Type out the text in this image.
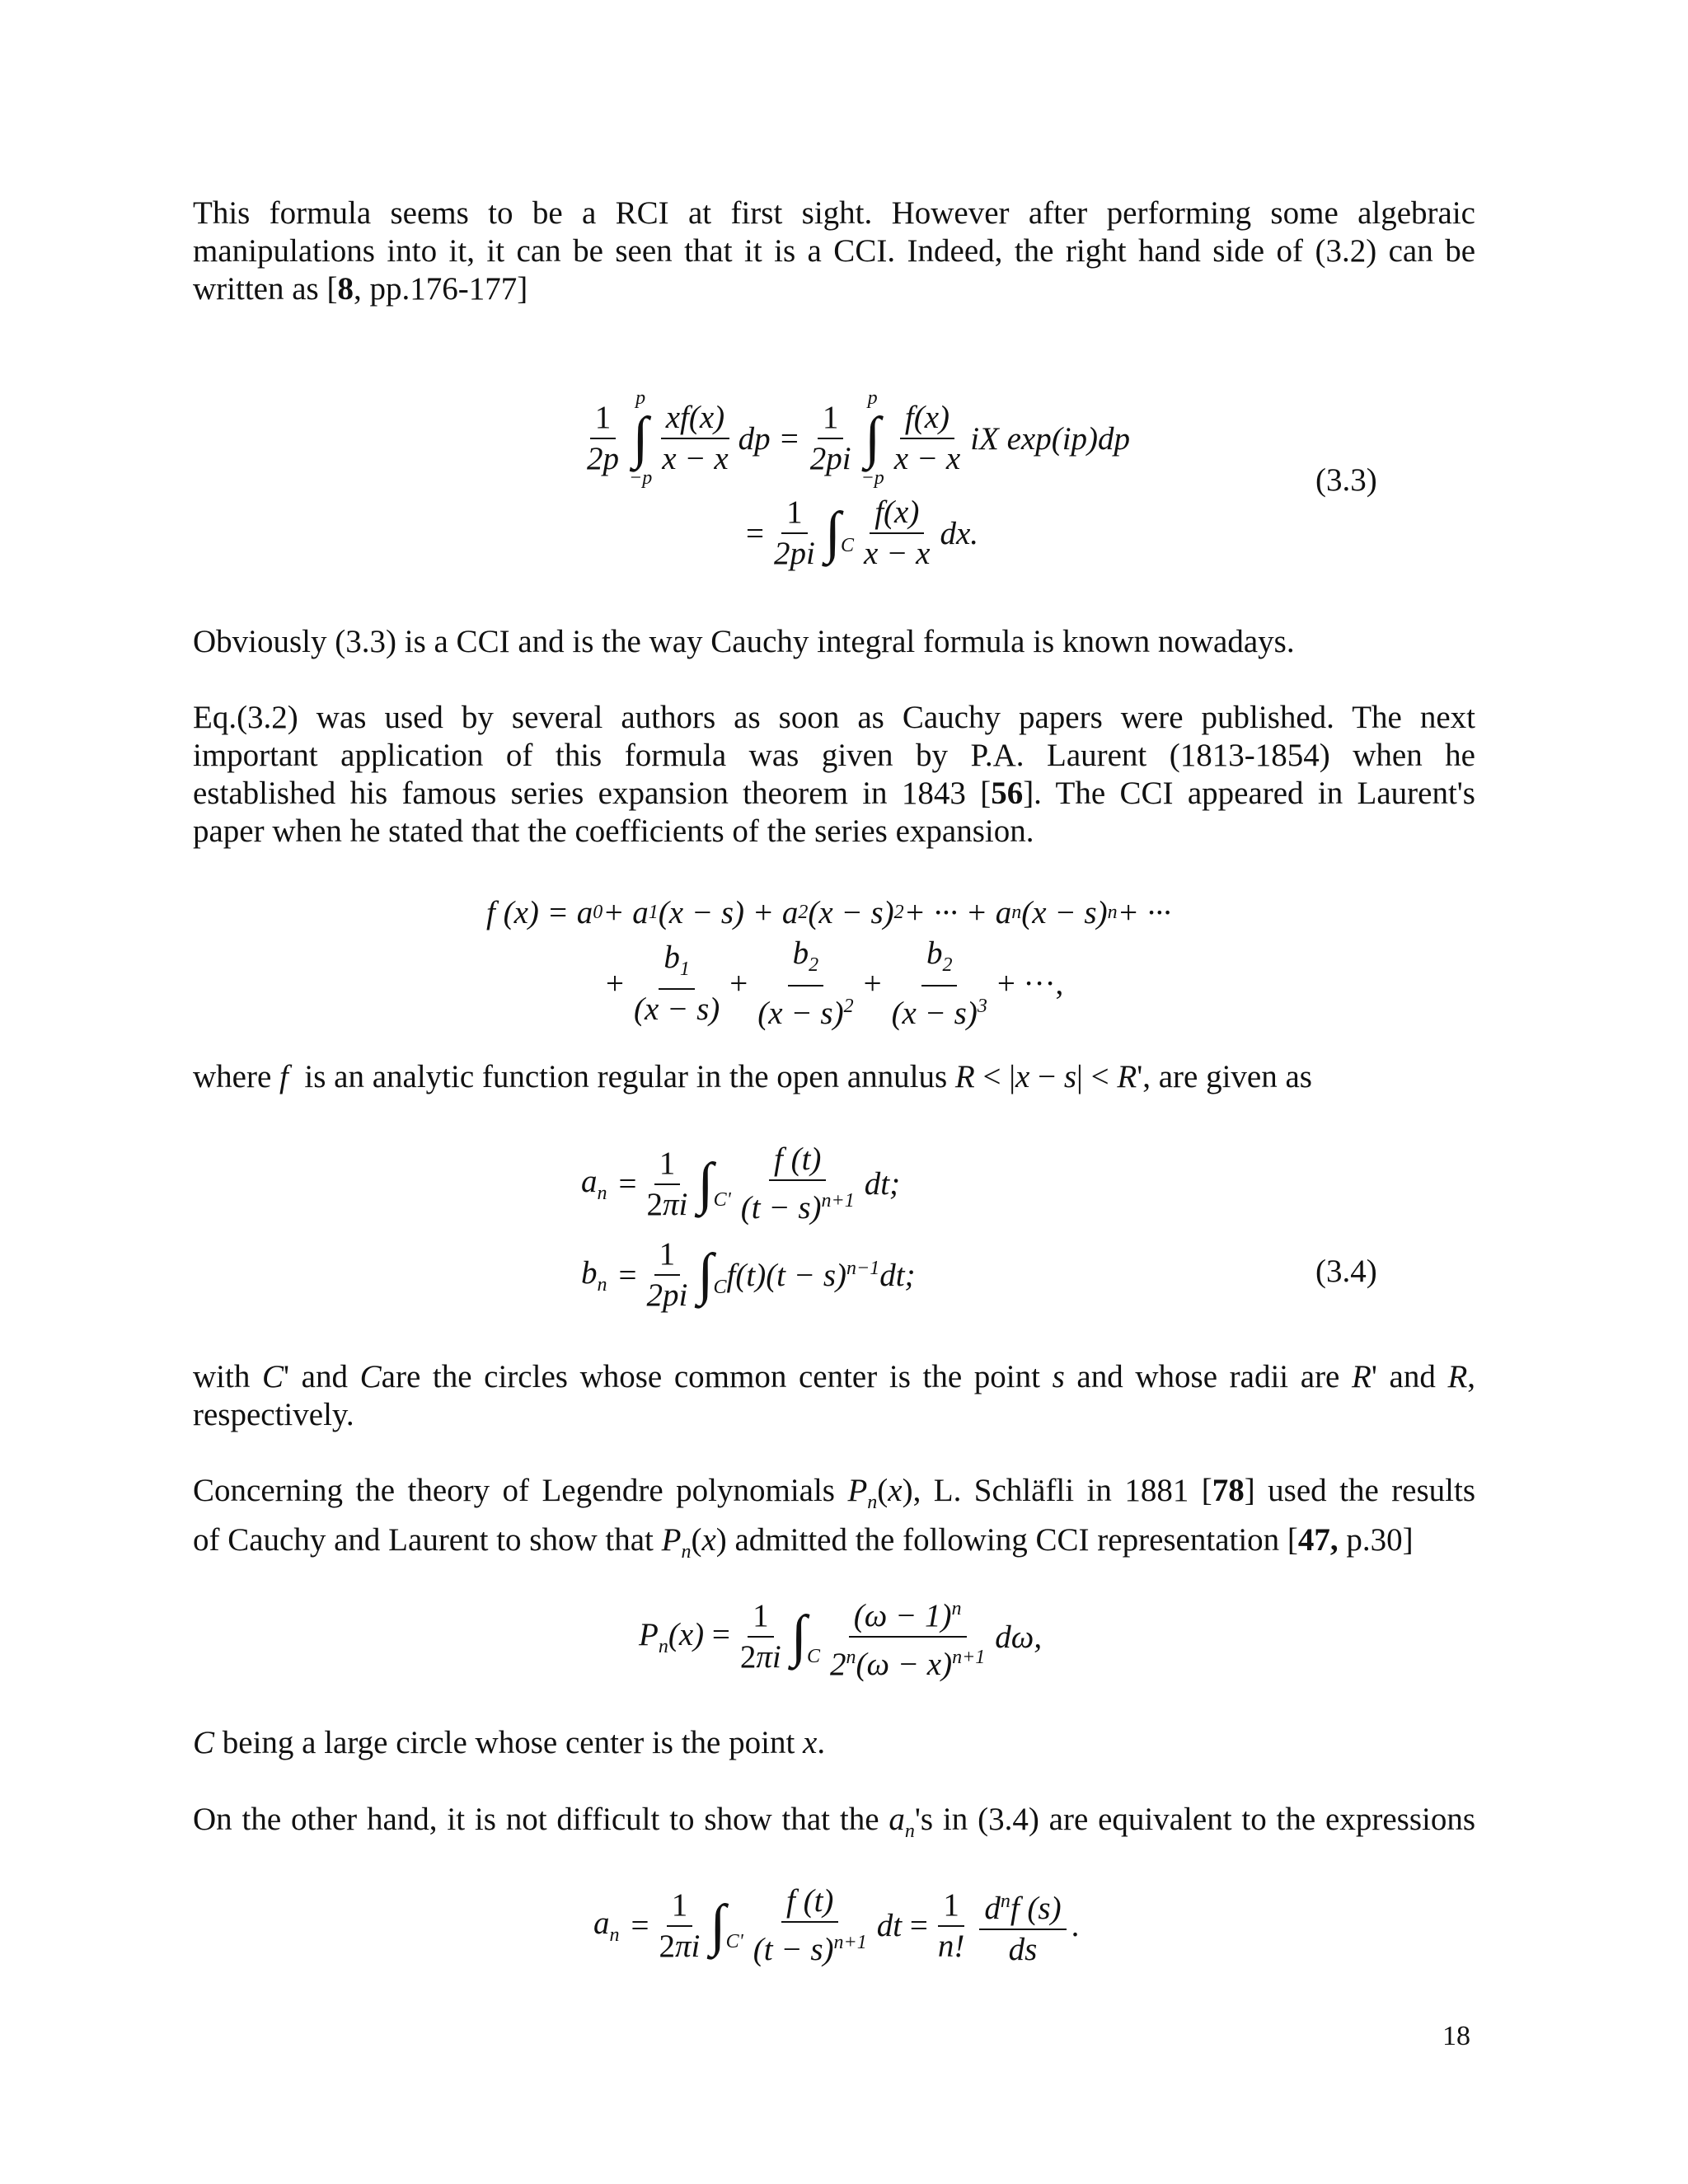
This formula seems to be a RCI at first sight. However after performing some algebraic

manipulations into it, it can be seen that it is a CCI. Indeed, the right hand side of (3.2) can be

written as [8, pp.176-177]

$\frac{1}{2p}$
p
∫
−p
$\frac{xf(x)}{x - x}$ dp = $\frac{1}{2pi}$
p
∫
−p
$\frac{f(x)}{x - x}$ iX exp(ip)dp
= $\frac{1}{2pi} \int_C \frac{f(x)}{x - x}$ dx.
(3.3)

Obviously (3.3) is a CCI and is the way Cauchy integral formula is known nowadays.

Eq.(3.2) was used by several authors as soon as Cauchy papers were published. The next

important application of this formula was given by P.A. Laurent (1813-1854) when he

established his famous series expansion theorem in 1843 [56]. The CCI appeared in Laurent's

paper when he stated that the coefficients of the series expansion.

f (x) = a 0 + a 1 (x − s) + a 2 (x − s) 2 + ··· + a n (x − s) n + ···
+ $\frac{b_1}{(x - s)} + \frac{b_2}{(x - s)^2} + \frac{b_2}{(x - s)^3}$ + ···,

where f is an analytic function regular in the open annulus R < |x − s| < R', are given as

$a_n = \frac{1}{2\pi i} \int_{C'} \frac{f (t)}{(t - s)^{n+1}}$ dt;
$b_n = \frac{1}{2pi} \int_C$ $f(t)(t - s)^{n-1}dt$;	(3.4)

with C' and Care the circles whose common center is the point s and whose radii are R' and R,

respectively.

Concerning the theory of Legendre polynomials $P_n(x)$, L. Schläfli in 1881 [78] used the results

of Cauchy and Laurent to show that $P_n(x)$ admitted the following CCI representation [47, p.30]

$P_n(x) = \frac{1}{2\pi i} \int_C \frac{(\omega - 1)^n}{2^n(\omega - x)^{n+1}} d\omega$,

C being a large circle whose center is the point x.

On the other hand, it is not difficult to show that the $a_n's$ in (3.4) are equivalent to the expressions

$a_n = \frac{1}{2\pi i} \int_{C'} \frac{f (t)}{(t - s)^{n+1}}$ dt = $\frac{1}{n!} \frac{d^nf (s)}{ds}$ .
18
